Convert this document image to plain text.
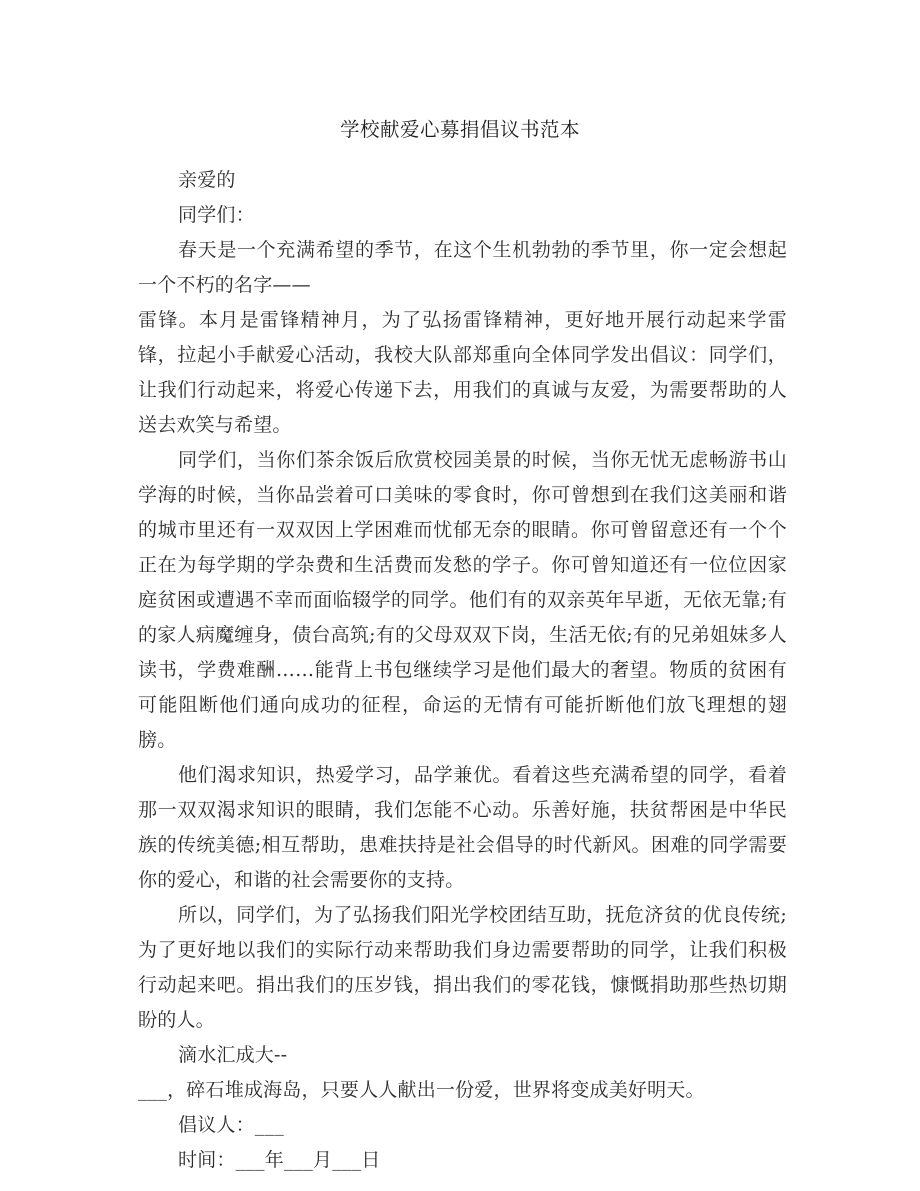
学校献爱心募捐倡议书范本
亲爱的
同学们：

春天是一个充满希望的季节，在这个生机勃勃的季节里，你一定会想起一个不朽的名字——

雷锋。本月是雷锋精神月，为了弘扬雷锋精神，更好地开展行动起来学雷锋，拉起小手献爱心活动，我校大队部郑重向全体同学发出倡议：同学们，让我们行动起来，将爱心传递下去，用我们的真诚与友爱，为需要帮助的人送去欢笑与希望。

同学们，当你们茶余饭后欣赏校园美景的时候，当你无忧无虑畅游书山学海的时候，当你品尝着可口美味的零食时，你可曾想到在我们这美丽和谐的城市里还有一双双因上学困难而忧郁无奈的眼睛。你可曾留意还有一个个正在为每学期的学杂费和生活费而发愁的学子。你可曾知道还有一位位因家庭贫困或遭遇不幸而面临辍学的同学。他们有的双亲英年早逝，无依无靠;有的家人病魔缠身，债台高筑;有的父母双双下岗，生活无依;有的兄弟姐妹多人读书，学费难酬……能背上书包继续学习是他们最大的奢望。物质的贫困有可能阻断他们通向成功的征程，命运的无情有可能折断他们放飞理想的翅膀。

他们渴求知识，热爱学习，品学兼优。看着这些充满希望的同学，看着那一双双渴求知识的眼睛，我们怎能不心动。乐善好施，扶贫帮困是中华民族的传统美德;相互帮助，患难扶持是社会倡导的时代新风。困难的同学需要你的爱心，和谐的社会需要你的支持。

所以，同学们，为了弘扬我们阳光学校团结互助，抚危济贫的优良传统;为了更好地以我们的实际行动来帮助我们身边需要帮助的同学，让我们积极行动起来吧。捐出我们的压岁钱，捐出我们的零花钱，慷慨捐助那些热切期盼的人。

滴水汇成大--
___，碎石堆成海岛，只要人人献出一份爱，世界将变成美好明天。
倡议人：___
时间：___年___月___日
